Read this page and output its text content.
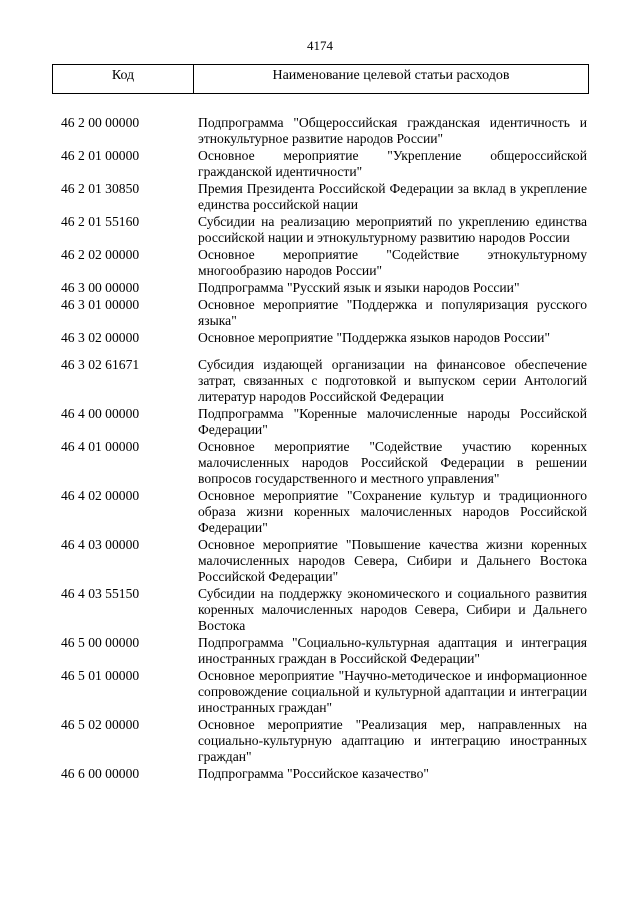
4174
Код	Наименование целевой статьи расходов
46 2 00 00000	Подпрограмма "Общероссийская гражданская идентичность и этнокультурное развитие народов России"
46 2 01 00000	Основное мероприятие "Укрепление общероссийской гражданской идентичности"
46 2 01 30850	Премия Президента Российской Федерации за вклад в укрепление единства российской нации
46 2 01 55160	Субсидии на реализацию мероприятий по укреплению единства российской нации и этнокультурному развитию народов России
46 2 02 00000	Основное мероприятие "Содействие этнокультурному многообразию народов России"
46 3 00 00000	Подпрограмма "Русский язык и языки народов России"
46 3 01 00000	Основное мероприятие "Поддержка и популяризация русского языка"
46 3 02 00000	Основное мероприятие "Поддержка языков народов России"
46 3 02 61671	Субсидия издающей организации на финансовое обеспечение затрат, связанных с подготовкой и выпуском серии Антологий литератур народов Российской Федерации
46 4 00 00000	Подпрограмма "Коренные малочисленные народы Российской Федерации"
46 4 01 00000	Основное мероприятие "Содействие участию коренных малочисленных народов Российской Федерации в решении вопросов государственного и местного управления"
46 4 02 00000	Основное мероприятие "Сохранение культур и традиционного образа жизни коренных малочисленных народов Российской Федерации"
46 4 03 00000	Основное мероприятие "Повышение качества жизни коренных малочисленных народов Севера, Сибири и Дальнего Востока Российской Федерации"
46 4 03 55150	Субсидии на поддержку экономического и социального развития коренных малочисленных народов Севера, Сибири и Дальнего Востока
46 5 00 00000	Подпрограмма "Социально-культурная адаптация и интеграция иностранных граждан в Российской Федерации"
46 5 01 00000	Основное мероприятие "Научно-методическое и информационное сопровождение социальной и культурной адаптации и интеграции иностранных граждан"
46 5 02 00000	Основное мероприятие "Реализация мер, направленных на социально-культурную адаптацию и интеграцию иностранных граждан"
46 6 00 00000	Подпрограмма "Российское казачество"
